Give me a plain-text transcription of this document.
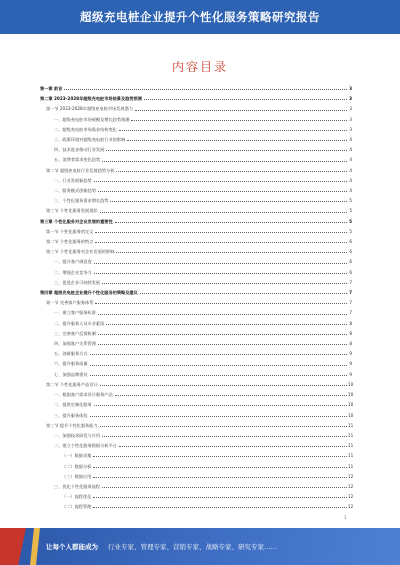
超级充电桩企业提升个性化服务策略研究报告
内容目录
第一章 前言	3
第二章 2023-2028年超级充电桩市场前景及趋势预测	3
第一节 2023-2028年超级充电桩市场发展潜力	3
一、超级充电桩市场规模及增长趋势预测	3
二、超级充电桩市场需求结构变化	3
三、政策环境对超级充电桩行业的影响	4
四、技术进步推动行业发展	4
五、消费者需求变化趋势	4
第二节 超级充电桩行业发展趋势分析	4
一、行业发展新趋势	4
二、服务模式创新趋势	4
三、个性化服务需求增长趋势	5
第三节 个性化服务发展现状	5
第三章 个性化服务对企业发展的重要性	5
第一节 个性化服务的定义	5
第二节 个性化服务的特点	6
第三节 个性化服务对企业发展的影响	6
一、提升客户满意度	6
二、增强企业竞争力	6
三、促进企业可持续发展	7
第四章 超级充电桩企业提升个性化服务的策略及建议	7
第一节 完善客户服务体系	7
一、建立客户服务标准	7
二、提升服务人员专业素质	8
三、完善客户反馈机制	8
四、加强客户关系管理	8
五、创新服务方式	9
六、提升服务质量	9
七、加强品牌建设	9
第二节 个性化服务产品设计	10
一、根据客户需求设计服务产品	10
二、提供定制化服务	10
三、提升服务体验	10
第三节 提升个性化服务能力	11
一、加强技术研发与应用	11
二、建立个性化服务数据分析平台	11
（一）数据采集	11
（二）数据分析	11
（三）数据应用	12
三、优化个性化服务流程	12
（一）流程优化	12
（二）流程管理	12
1
让每个人都能成为 行业专家、管理专家、营销专家、战略专家、研究专家……
